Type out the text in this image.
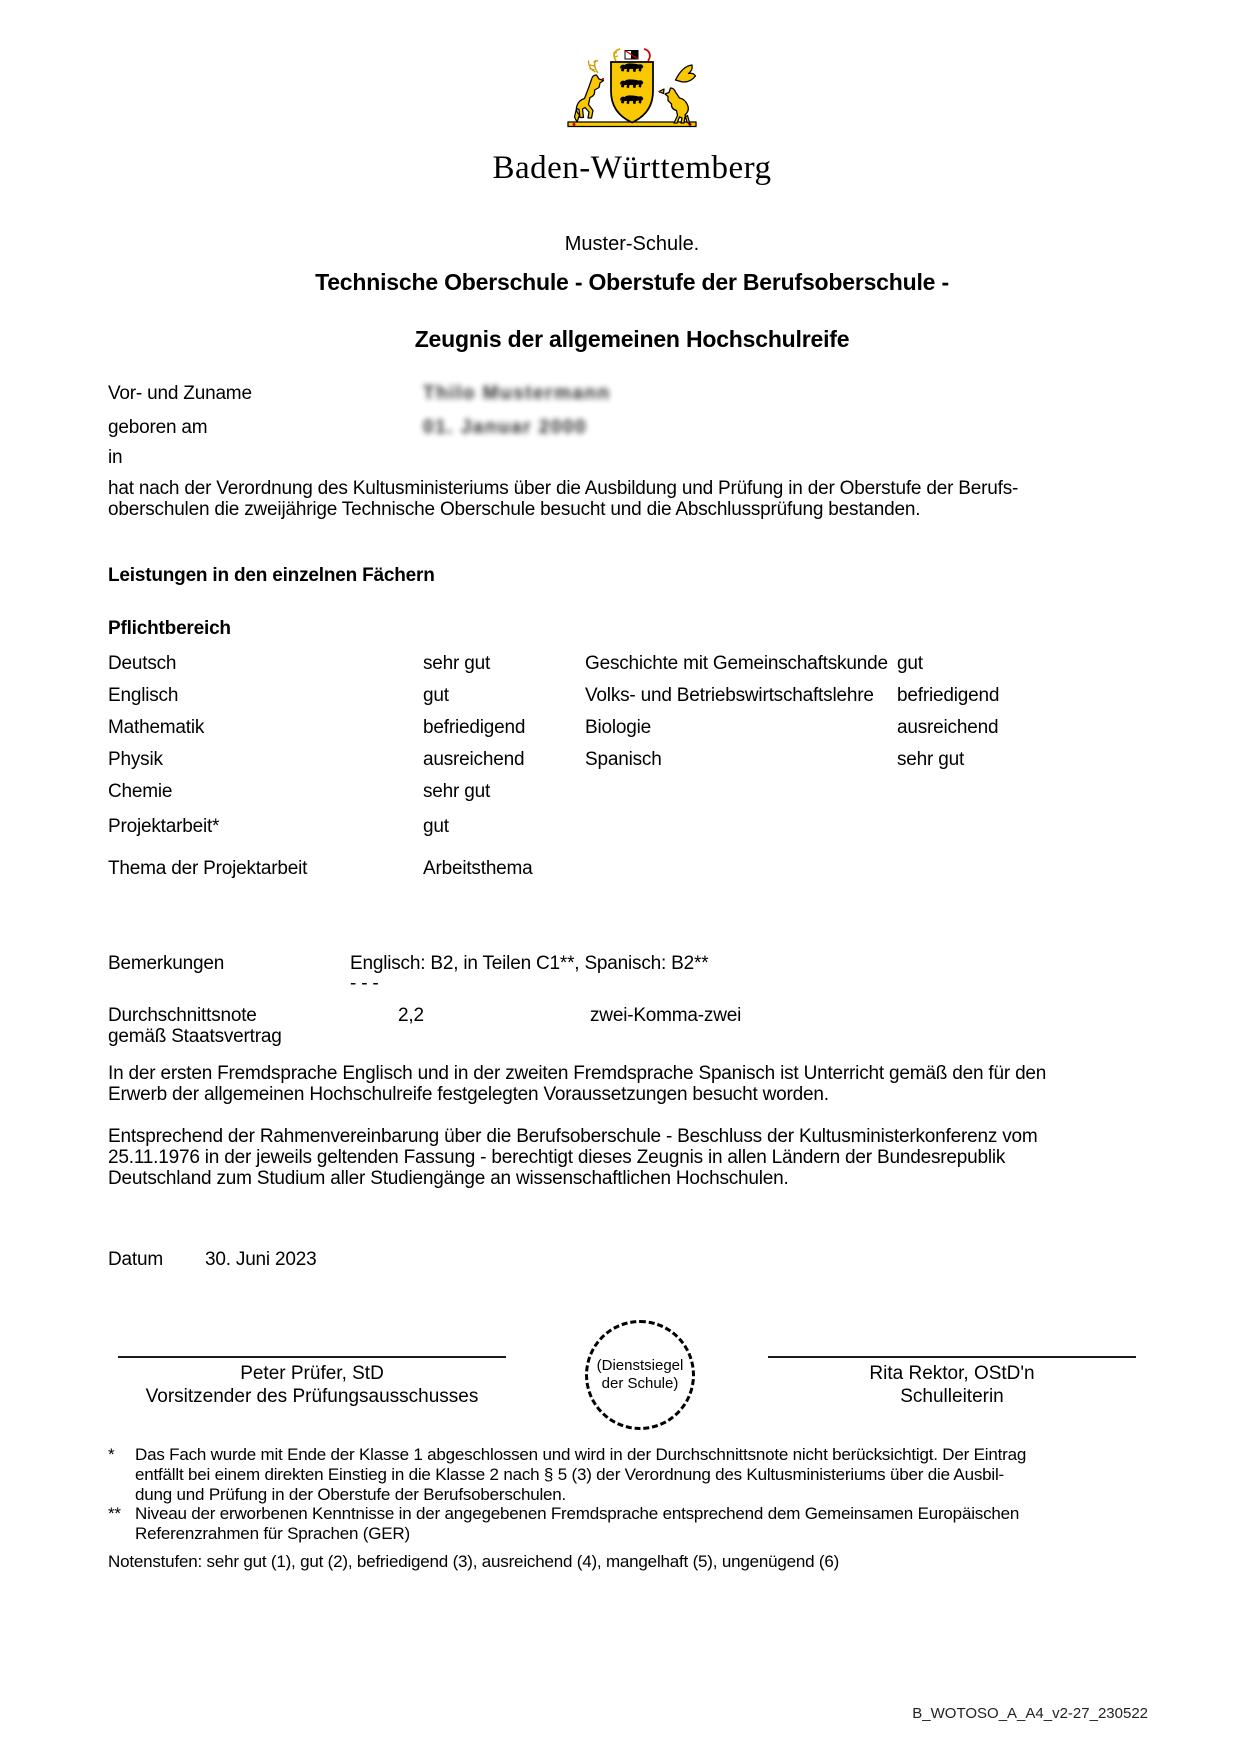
Baden-Württemberg
Muster-Schule.
Technische Oberschule - Oberstufe der Berufsoberschule -
Zeugnis der allgemeinen Hochschulreife
Vor- und Zuname	Thilo Mustermann
geboren am	01. Januar 2000
in
hat nach der Verordnung des Kultusministeriums über die Ausbildung und Prüfung in der Oberstufe der Berufs-
oberschulen die zweijährige Technische Oberschule besucht und die Abschlussprüfung bestanden.
Leistungen in den einzelnen Fächern
Pflichtbereich
Deutsch	sehr gut	Geschichte mit Gemeinschaftskunde gut
Englisch	gut	Volks- und Betriebswirtschaftslehre befriedigend
Mathematik	befriedigend	Biologie	ausreichend
Physik	ausreichend	Spanisch	sehr gut
Chemie	sehr gut
Projektarbeit*	gut
Thema der Projektarbeit	Arbeitsthema
Bemerkungen	Englisch: B2, in Teilen C1**, Spanisch: B2**
- - -
Durchschnittsnote
gemäß Staatsvertrag
2,2	zwei-Komma-zwei
In der ersten Fremdsprache Englisch und in der zweiten Fremdsprache Spanisch ist Unterricht gemäß den für den
Erwerb der allgemeinen Hochschulreife festgelegten Voraussetzungen besucht worden.
Entsprechend der Rahmenvereinbarung über die Berufsoberschule - Beschluss der Kultusministerkonferenz vom
25.11.1976 in der jeweils geltenden Fassung - berechtigt dieses Zeugnis in allen Ländern der Bundesrepublik
Deutschland zum Studium aller Studiengänge an wissenschaftlichen Hochschulen.
Datum 30. Juni 2023
(Dienstsiegel
der Schule)
Peter Prüfer, StD
Vorsitzender des Prüfungsausschusses
Rita Rektor, OStD'n
Schulleiterin
* Das Fach wurde mit Ende der Klasse 1 abgeschlossen und wird in der Durchschnittsnote nicht berücksichtigt. Der Eintrag
entfällt bei einem direkten Einstieg in die Klasse 2 nach § 5 (3) der Verordnung des Kultusministeriums über die Ausbil-
dung und Prüfung in der Oberstufe der Berufsoberschulen.
** Niveau der erworbenen Kenntnisse in der angegebenen Fremdsprache entsprechend dem Gemeinsamen Europäischen
Referenzrahmen für Sprachen (GER)
Notenstufen: sehr gut (1), gut (2), befriedigend (3), ausreichend (4), mangelhaft (5), ungenügend (6)
B_WOTOSO_A_A4_v2-27_230522
